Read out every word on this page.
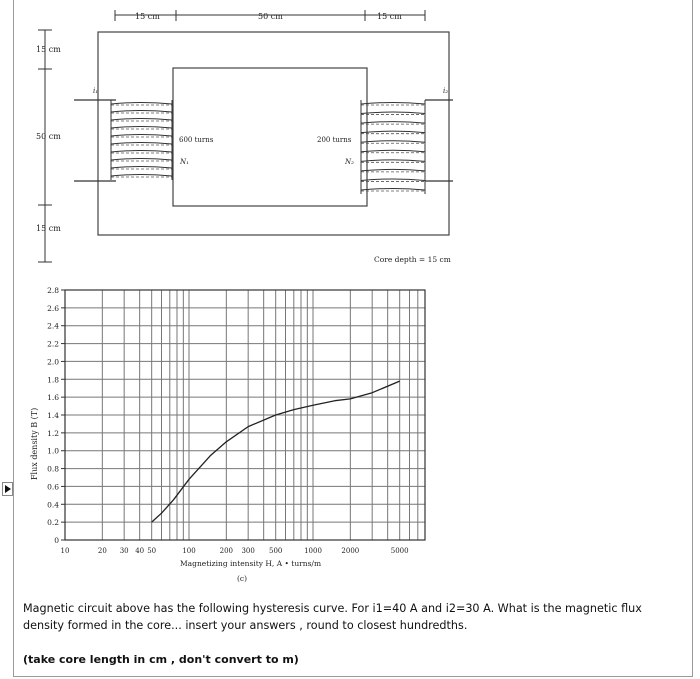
15 cm	50 cm	15 cm
15 cm
50 cm
15 cm
i₁
600 turns
N₁
i₂
200 turns
N₂
Core depth = 15 cm
0
0.2
0.4
0.6
0.8
1.0
1.2
1.4
1.6
1.8
2.0
2.2
2.4
2.6
2.8
10	20 30 40 50	100	200 300 500	1000	2000	5000
Flux density B (T)
Magnetizing intensity H, A • turns/m
(c)
Magnetic circuit above has the following hysteresis curve. For i1=40 A and i2=30 A. What is the magnetic flux density formed in the core... insert your answers , round to closest hundredths.
(take core length in cm , don't convert to m)
